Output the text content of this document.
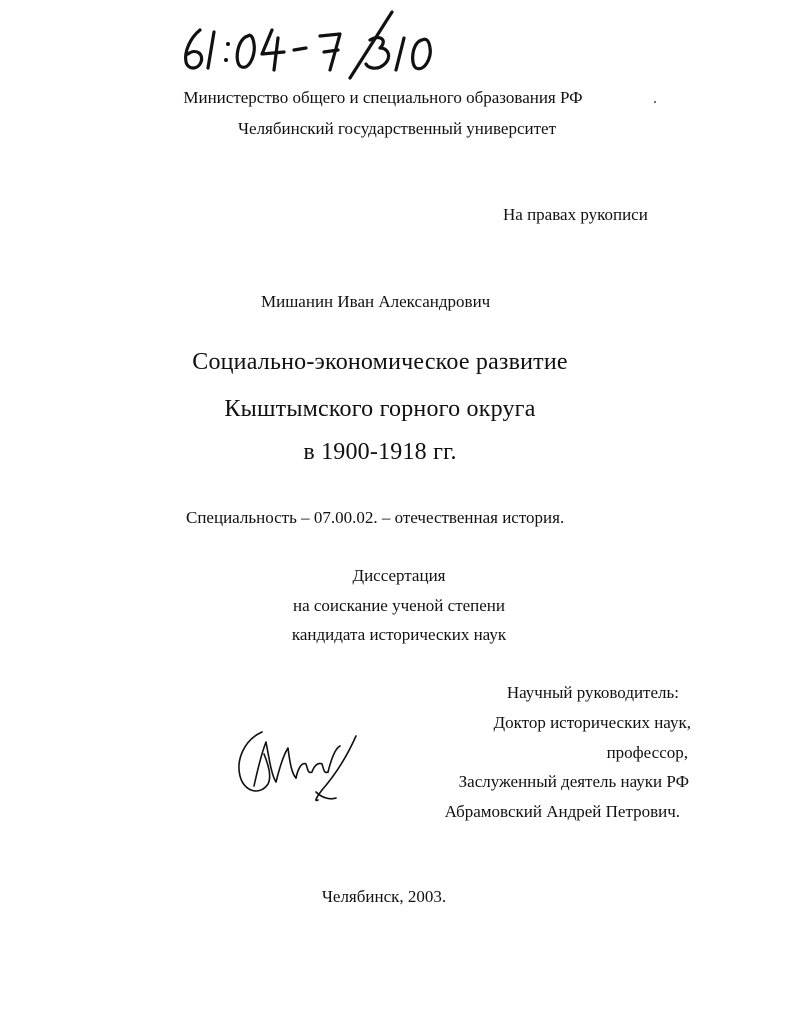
Министерство общего и специального образования РФ
Челябинский государственный университет
На правах рукописи
Мишанин Иван Александрович
Социально-экономическое развитие
Кыштымского горного округа
в 1900-1918 гг.
Специальность – 07.00.02. – отечественная история.
Диссертация
на соискание ученой степени
кандидата исторических наук
Научный руководитель:
Доктор исторических наук,
профессор,
Заслуженный деятель науки РФ
Абрамовский Андрей Петрович.
Челябинск, 2003.
